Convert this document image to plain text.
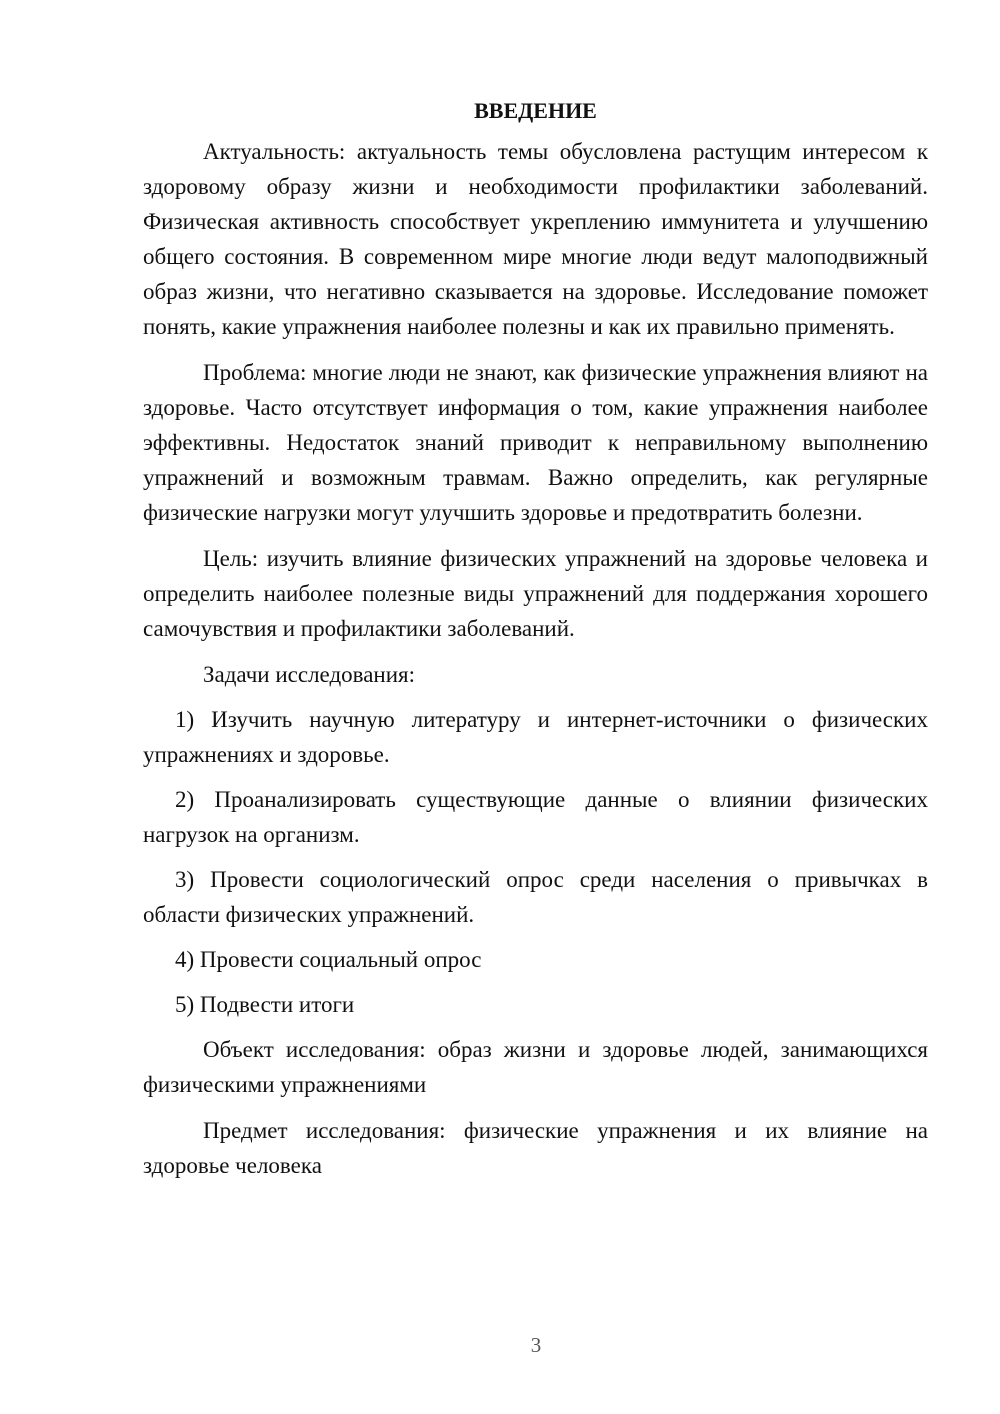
ВВЕДЕНИЕ

Актуальность: актуальность темы обусловлена растущим интересом к здоровому образу жизни и необходимости профилактики заболеваний. Физическая активность способствует укреплению иммунитета и улучшению общего состояния. В современном мире многие люди ведут малоподвижный образ жизни, что негативно сказывается на здоровье. Исследование поможет понять, какие упражнения наиболее полезны и как их правильно применять.

Проблема: многие люди не знают, как физические упражнения влияют на здоровье. Часто отсутствует информация о том, какие упражнения наиболее эффективны. Недостаток знаний приводит к неправильному выполнению упражнений и возможным травмам. Важно определить, как регулярные физические нагрузки могут улучшить здоровье и предотвратить болезни.

Цель: изучить влияние физических упражнений на здоровье человека и определить наиболее полезные виды упражнений для поддержания хорошего самочувствия и профилактики заболеваний.

Задачи исследования:

1) Изучить научную литературу и интернет-источники о физических упражнениях и здоровье.

2) Проанализировать существующие данные о влиянии физических нагрузок на организм.

3) Провести социологический опрос среди населения о привычках в области физических упражнений.

4) Провести социальный опрос

5) Подвести итоги

Объект исследования: образ жизни и здоровье людей, занимающихся физическими упражнениями

Предмет исследования: физические упражнения и их влияние на здоровье человека

3
